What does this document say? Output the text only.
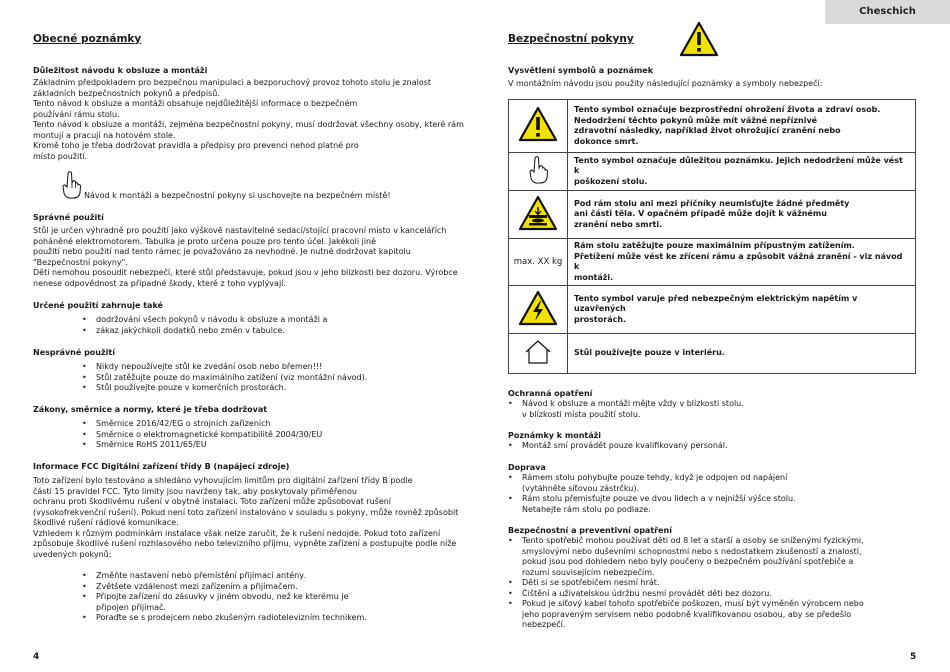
Cheschich
Obecné poznámky
Důležitost návodu k obsluze a montáži
Základním předpokladem pro bezpečnou manipulaci a bezporuchový provoz tohoto stolu je znalost
základních bezpečnostních pokynů a předpisů.
Tento návod k obsluze a montáži obsahuje nejdůležitější informace o bezpečném
používání rámu stolu.
Tento návod k obsluze a montáži, zejména bezpečnostní pokyny, musí dodržovat všechny osoby, které rám
montují a pracují na hotovém stole.
Kromě toho je třeba dodržovat pravidla a předpisy pro prevenci nehod platné pro
místo použití.
Návod k montáži a bezpečnostní pokyny si uschovejte na bezpečném místě!
Správné použití
Stůl je určen výhradně pro použití jako výškově nastavitelné sedací/stojící pracovní místo v kancelářích
poháněné elektromotorem. Tabulka je proto určena pouze pro tento účel. Jakékoli jiné
použití nebo použití nad tento rámec je považováno za nevhodné. Je nutné dodržovat kapitolu
"Bezpečnostní pokyny".
Děti nemohou posoudit nebezpečí, které stůl představuje, pokud jsou v jeho blízkosti bez dozoru. Výrobce
nenese odpovědnost za případné škody, které z toho vyplývají.
Určené použití zahrnuje také
• dodržování všech pokynů v návodu k obsluze a montáži a
• zákaz jakýchkoli dodatků nebo změn v tabulce.
Nesprávné použití
• Nikdy nepoužívejte stůl ke zvedání osob nebo břemen!!!
• Stůl zatěžujte pouze do maximálního zatížení (viz montážní návod).
• Stůl používejte pouze v komerčních prostorách.
Zákony, směrnice a normy, které je třeba dodržovat
• Směrnice 2016/42/EG o strojních zařízeních
• Směrnice o elektromagnetické kompatibilitě 2004/30/EU
• Směrnice RoHS 2011/65/EU
Informace FCC Digitální zařízení třídy B (napájecí zdroje)
Toto zařízení bylo testováno a shledáno vyhovujícím limitům pro digitální zařízení třídy B podle
části 15 pravidel FCC. Tyto limity jsou navrženy tak, aby poskytovaly přiměřenou
ochranu proti škodlivému rušení v obytné instalaci. Toto zařízení může způsobovat rušení
(vysokofrekvenční rušení). Pokud není toto zařízení instalováno v souladu s pokyny, může rovněž způsobit
škodlivé rušení rádiové komunikace.
Vzhledem k různým podmínkám instalace však nelze zaručit, že k rušení nedojde. Pokud toto zařízení
způsobuje škodlivé rušení rozhlasového nebo televizního příjmu, vypněte zařízení a postupujte podle níže
uvedených pokynů:
• Změňte nastavení nebo přemístění přijímací antény.
• Zvětšete vzdálenost mezi zařízením a přijímačem.
• Připojte zařízení do zásuvky v jiném obvodu, než ke kterému je
připojen přijímač.
• Poraďte se s prodejcem nebo zkušeným radiotelevizním technikem.
4
Bezpečnostní pokyny
Vysvětlení symbolů a poznámek
V montážním návodu jsou použity následující poznámky a symboly nebezpečí:

Tento symbol označuje bezprostřední ohrožení života a zdraví osob.
Nedodržení těchto pokynů může mít vážné nepříznivé
zdravotní následky, například život ohrožující zranění nebo
dokonce smrt.

Tento symbol označuje důležitou poznámku. Jejich nedodržení může vést k
poškození stolu.

Pod rám stolu ani mezi příčníky neumisťujte žádné předměty
ani části těla. V opačném případě může dojít k vážnému
zranění nebo smrti.

max. XX kg	Rám stolu zatěžujte pouze maximálním přípustným zatížením.
Přetížení může vést ke zřícení rámu a způsobit vážná zranění - viz návod k
montáži.

Tento symbol varuje před nebezpečným elektrickým napětím v uzavřených
prostorách.

Stůl používejte pouze v interiéru.
Ochranná opatření
• Návod k obsluze a montáži mějte vždy v blízkosti stolu.
v blízkosti místa použití stolu.
Poznámky k montáži
• Montáž smí provádět pouze kvalifikovaný personál.
Doprava
• Rámem stolu pohybujte pouze tehdy, když je odpojen od napájení
(vytáhněte síťovou zástrčku).
• Rám stolu přemisťujte pouze ve dvou lidech a v nejnižší výšce stolu.
Netahejte rám stolu po podlaze.
Bezpečnostní a preventivní opatření
• Tento spotřebič mohou používat děti od 8 let a starší a osoby se sníženými fyzickými,
smyslovými nebo duševními schopnostmi nebo s nedostatkem zkušeností a znalostí,
pokud jsou pod dohledem nebo byly poučeny o bezpečném používání spotřebiče a
rozumí souvisejícím nebezpečím.
• Děti si se spotřebičem nesmí hrát.
• Čištění a uživatelskou údržbu nesmí provádět děti bez dozoru.
• Pokud je síťový kabel tohoto spotřebiče poškozen, musí být vyměněn výrobcem nebo
jeho popraveným servisem nebo podobně kvalifikovanou osobou, aby se předešlo
nebezpečí.
5
